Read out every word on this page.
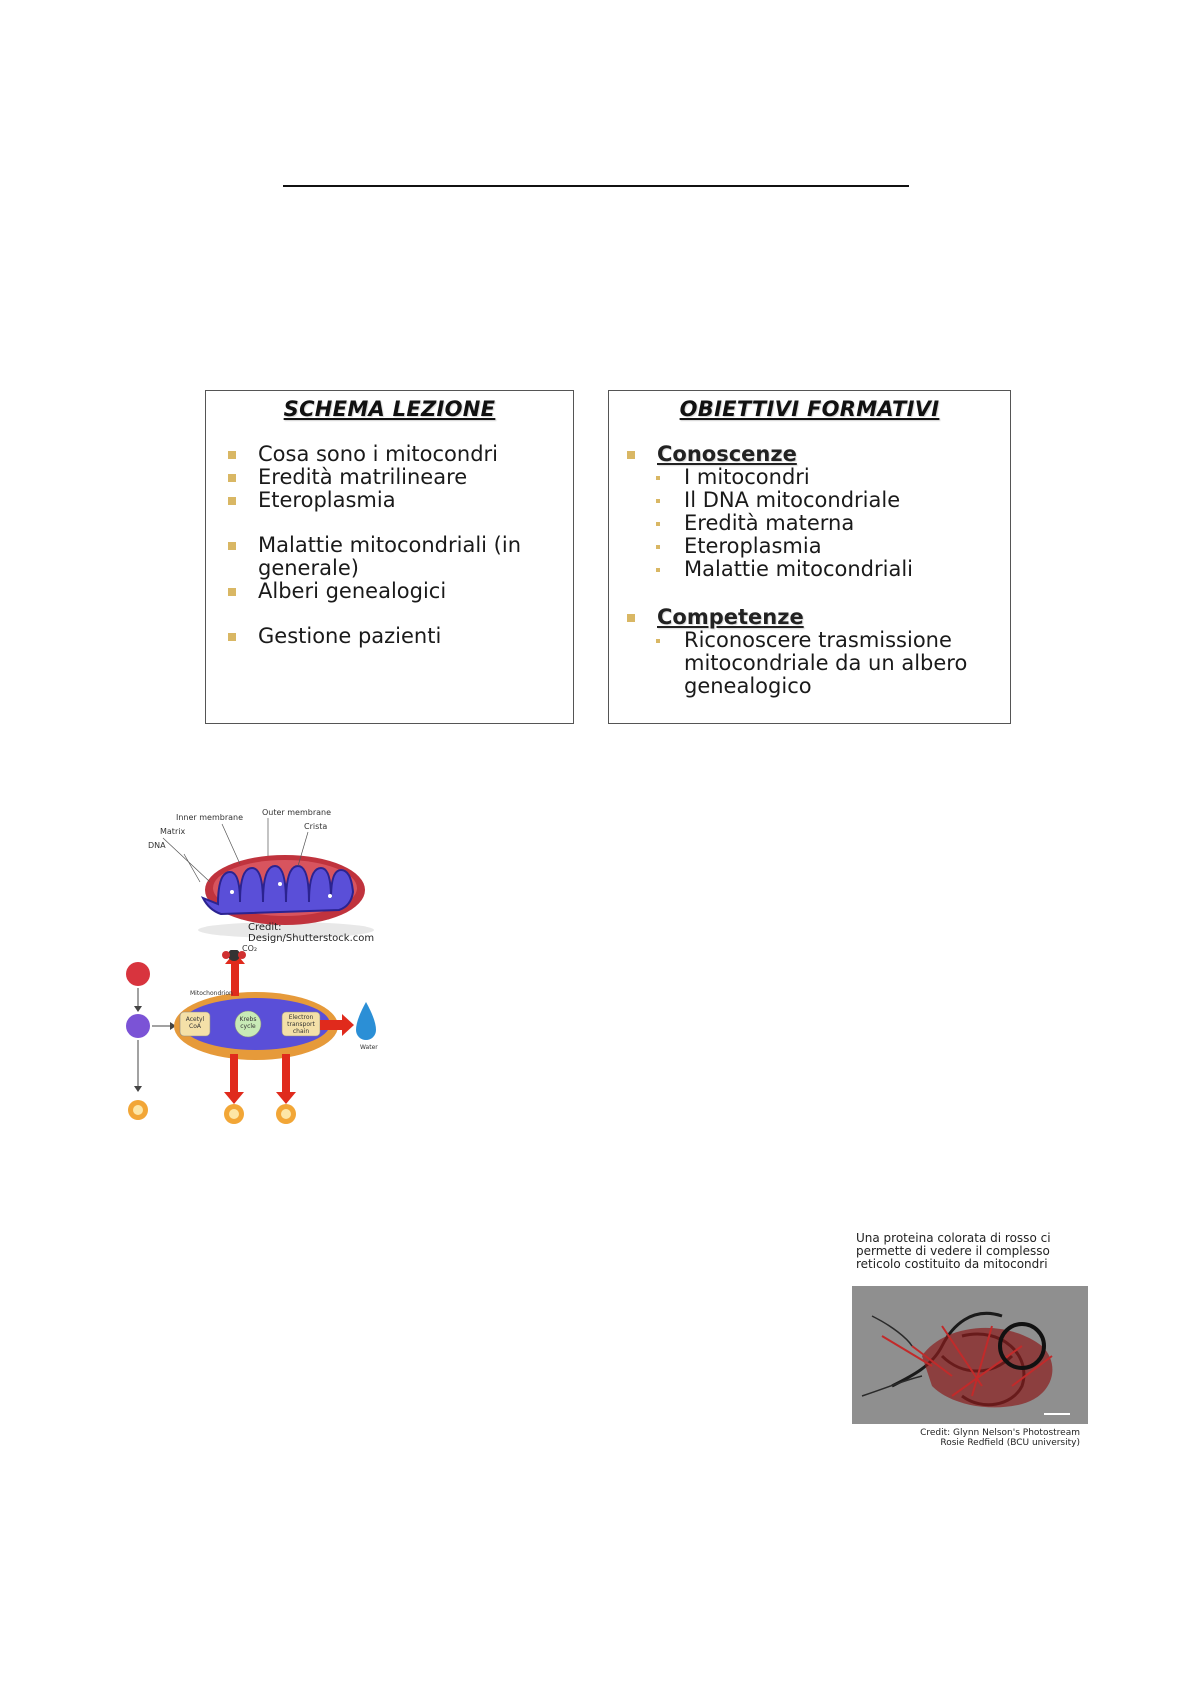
SCHEMA LEZIONE
Cosa sono i mitocondri
Eredità matrilineare
Eteroplasmia
Malattie mitocondriali (in generale)
Alberi genealogici
Gestione pazienti
OBIETTIVI FORMATIVI
Conoscenze
I mitocondri
Il DNA mitocondriale
Eredità materna
Eteroplasmia
Malattie mitocondriali
Competenze
Riconoscere trasmissione mitocondriale da un albero genealogico
Inner membrane
Outer membrane
Matrix
Crista
DNA
Credit: Design/Shutterstock.com
CO₂
Mitochondrion
Acetyl CoA
Krebs cycle
Electron transport chain
Water
Una proteina colorata di rosso ci permette di vedere il complesso reticolo costituito da mitocondri
Credit: Glynn Nelson's Photostream
Rosie Redfield (BCU university)
